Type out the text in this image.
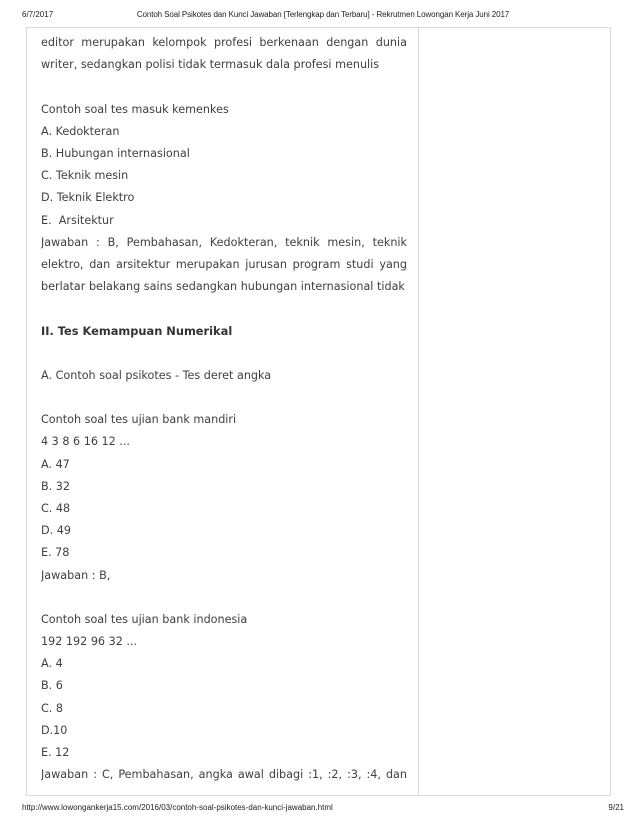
6/7/2017	Contoh Soal Psikotes dan Kunci Jawaban [Terlengkap dan Terbaru] - Rekrutmen Lowongan Kerja Juni 2017
editor merupakan kelompok profesi berkenaan dengan dunia
writer, sedangkan polisi tidak termasuk dala profesi menulis
Contoh soal tes masuk kemenkes
A. Kedokteran
B. Hubungan internasional
C. Teknik mesin
D. Teknik Elektro
E.  Arsitektur
Jawaban : B, Pembahasan, Kedokteran, teknik mesin, teknik
elektro, dan arsitektur merupakan jurusan program studi yang
berlatar belakang sains sedangkan hubungan internasional tidak
II. Tes Kemampuan Numerikal
A. Contoh soal psikotes - Tes deret angka
Contoh soal tes ujian bank mandiri
4 3 8 6 16 12 ...
A. 47
B. 32
C. 48
D. 49
E. 78
Jawaban : B,
Contoh soal tes ujian bank indonesia
192 192 96 32 ...
A. 4
B. 6
C. 8
D.10
E. 12
Jawaban : C, Pembahasan, angka awal dibagi :1, :2, :3, :4, dan
http://www.lowongankerja15.com/2016/03/contoh-soal-psikotes-dan-kunci-jawaban.html	9/21
